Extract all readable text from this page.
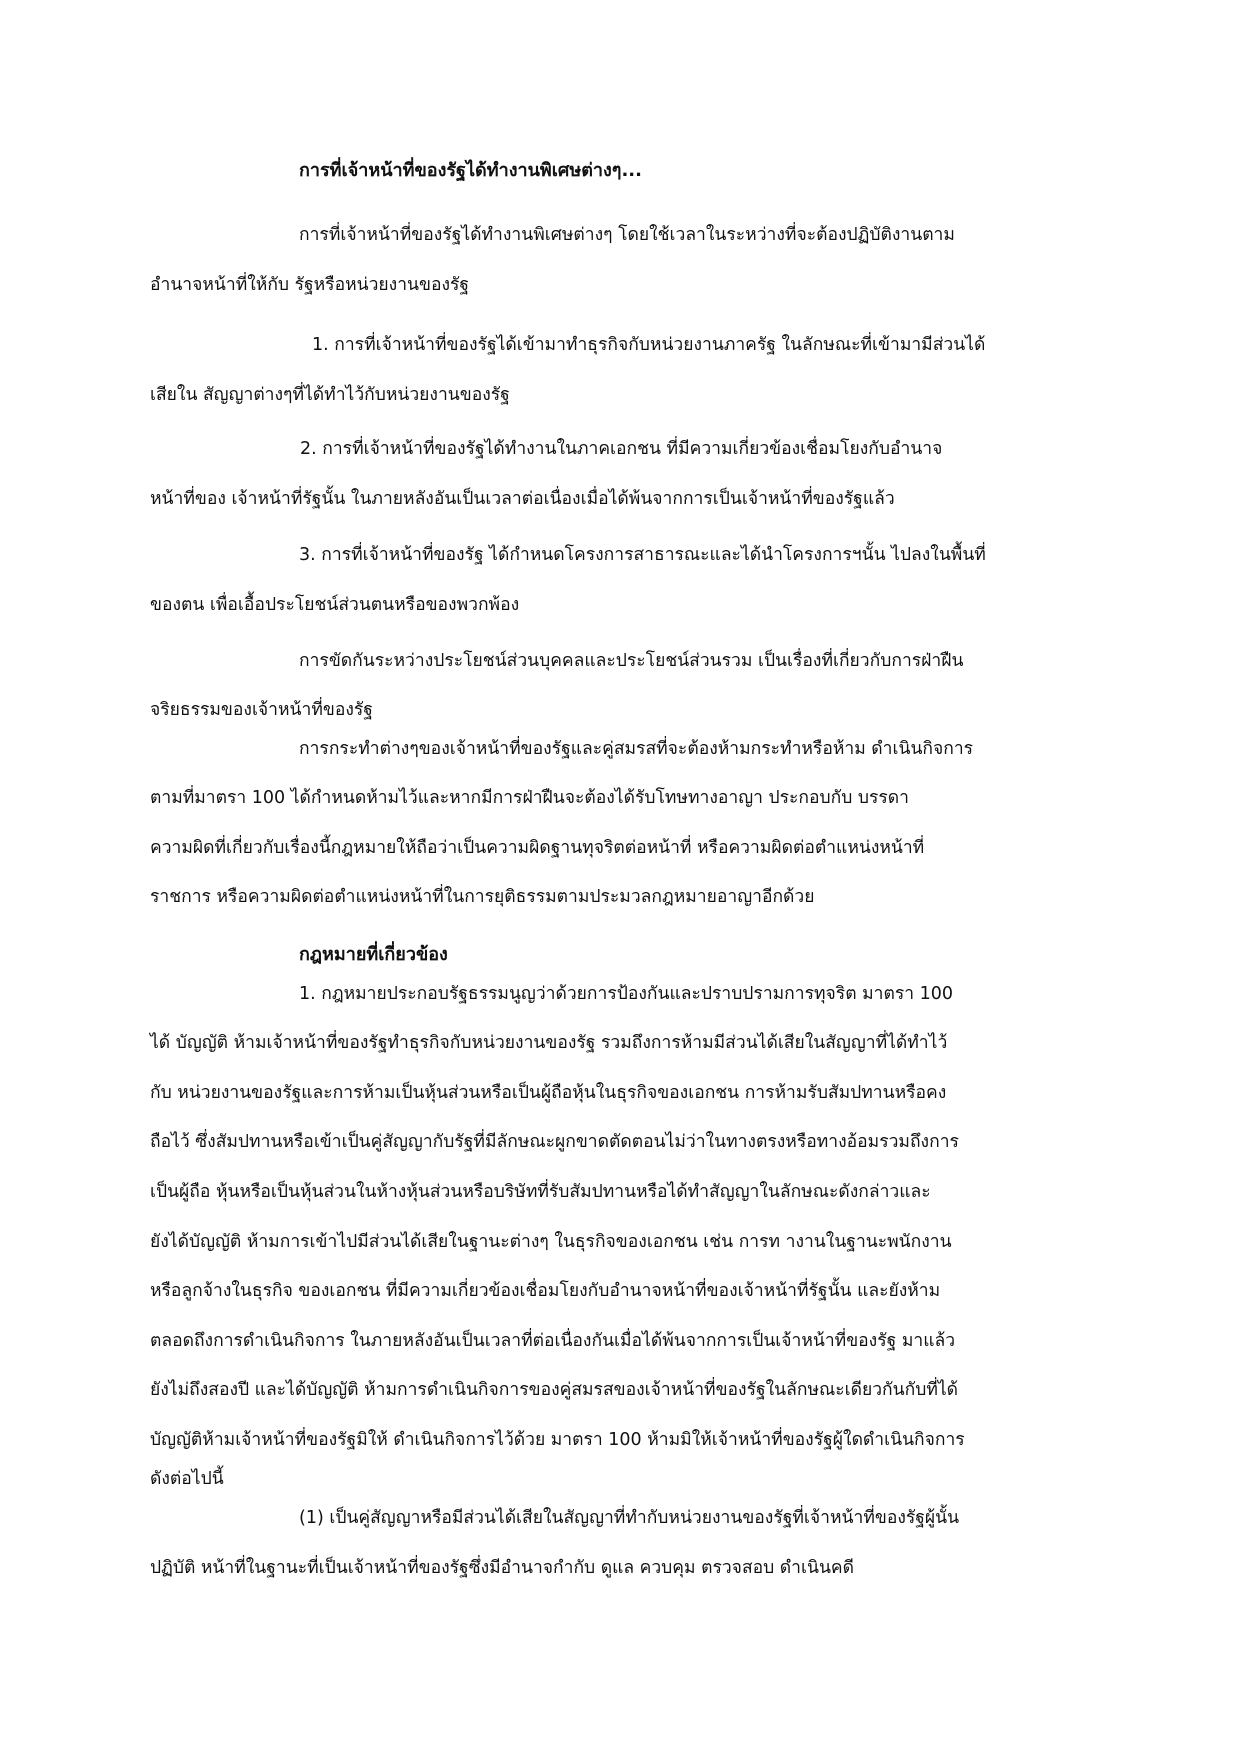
การที่เจ้าหน้าที่ของรัฐได้ทำงานพิเศษต่างๆ...
การที่เจ้าหน้าที่ของรัฐได้ทำงานพิเศษต่างๆ โดยใช้เวลาในระหว่างที่จะต้องปฏิบัติงานตาม
อำนาจหน้าที่ให้กับ รัฐหรือหน่วยงานของรัฐ
1. การที่เจ้าหน้าที่ของรัฐได้เข้ามาทำธุรกิจกับหน่วยงานภาครัฐ ในลักษณะที่เข้ามามีส่วนได้
เสียใน สัญญาต่างๆที่ได้ทำไว้กับหน่วยงานของรัฐ
2. การที่เจ้าหน้าที่ของรัฐได้ทำงานในภาคเอกชน ที่มีความเกี่ยวข้องเชื่อมโยงกับอำนาจ
หน้าที่ของ เจ้าหน้าที่รัฐนั้น ในภายหลังอันเป็นเวลาต่อเนื่องเมื่อได้พ้นจากการเป็นเจ้าหน้าที่ของรัฐแล้ว
3. การที่เจ้าหน้าที่ของรัฐ ได้กำหนดโครงการสาธารณะและได้นำโครงการฯนั้น ไปลงในพื้นที่
ของตน เพื่อเอื้อประโยชน์ส่วนตนหรือของพวกพ้อง
การขัดกันระหว่างประโยชน์ส่วนบุคคลและประโยชน์ส่วนรวม เป็นเรื่องที่เกี่ยวกับการฝ่าฝืน
จริยธรรมของเจ้าหน้าที่ของรัฐ
การกระทำต่างๆของเจ้าหน้าที่ของรัฐและคู่สมรสที่จะต้องห้ามกระทำหรือห้าม ดำเนินกิจการ
ตามที่มาตรา 100 ได้กำหนดห้ามไว้และหากมีการฝ่าฝืนจะต้องได้รับโทษทางอาญา ประกอบกับ บรรดา
ความผิดที่เกี่ยวกับเรื่องนี้กฎหมายให้ถือว่าเป็นความผิดฐานทุจริตต่อหน้าที่ หรือความผิดต่อตำแหน่งหน้าที่
ราชการ หรือความผิดต่อตำแหน่งหน้าที่ในการยุติธรรมตามประมวลกฎหมายอาญาอีกด้วย
กฎหมายที่เกี่ยวข้อง
1. กฎหมายประกอบรัฐธรรมนูญว่าด้วยการป้องกันและปราบปรามการทุจริต มาตรา 100
ได้ บัญญัติ ห้ามเจ้าหน้าที่ของรัฐทำธุรกิจกับหน่วยงานของรัฐ รวมถึงการห้ามมีส่วนได้เสียในสัญญาที่ได้ทำไว้
กับ หน่วยงานของรัฐและการห้ามเป็นหุ้นส่วนหรือเป็นผู้ถือหุ้นในธุรกิจของเอกชน การห้ามรับสัมปทานหรือคง
ถือไว้ ซึ่งสัมปทานหรือเข้าเป็นคู่สัญญากับรัฐที่มีลักษณะผูกขาดตัดตอนไม่ว่าในทางตรงหรือทางอ้อมรวมถึงการ
เป็นผู้ถือ หุ้นหรือเป็นหุ้นส่วนในห้างหุ้นส่วนหรือบริษัทที่รับสัมปทานหรือได้ทำสัญญาในลักษณะดังกล่าวและ
ยังได้บัญญัติ ห้ามการเข้าไปมีส่วนได้เสียในฐานะต่างๆ ในธุรกิจของเอกชน เช่น การท างานในฐานะพนักงาน
หรือลูกจ้างในธุรกิจ ของเอกชน ที่มีความเกี่ยวข้องเชื่อมโยงกับอำนาจหน้าที่ของเจ้าหน้าที่รัฐนั้น และยังห้าม
ตลอดถึงการดำเนินกิจการ ในภายหลังอันเป็นเวลาที่ต่อเนื่องกันเมื่อได้พ้นจากการเป็นเจ้าหน้าที่ของรัฐ มาแล้ว
ยังไม่ถึงสองปี และได้บัญญัติ ห้ามการดำเนินกิจการของคู่สมรสของเจ้าหน้าที่ของรัฐในลักษณะเดียวกันกับที่ได้
บัญญัติห้ามเจ้าหน้าที่ของรัฐมิให้ ดำเนินกิจการไว้ด้วย มาตรา 100 ห้ามมิให้เจ้าหน้าที่ของรัฐผู้ใดดำเนินกิจการ
ดังต่อไปนี้
(1) เป็นคู่สัญญาหรือมีส่วนได้เสียในสัญญาที่ทำกับหน่วยงานของรัฐที่เจ้าหน้าที่ของรัฐผู้นั้น
ปฏิบัติ หน้าที่ในฐานะที่เป็นเจ้าหน้าที่ของรัฐซึ่งมีอำนาจกำกับ ดูแล ควบคุม ตรวจสอบ ดำเนินคดี
